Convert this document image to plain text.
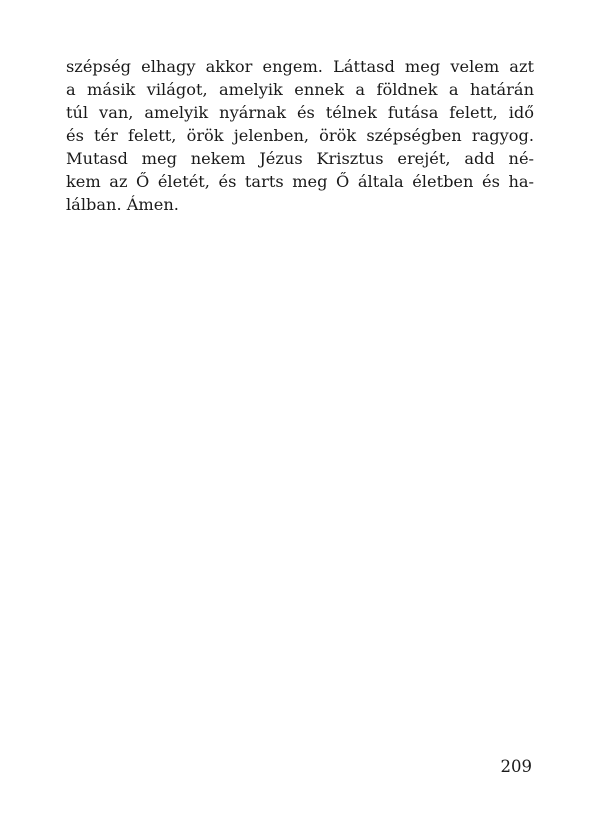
szépség elhagy akkor engem. Láttasd meg velem azt
a másik világot, amelyik ennek a földnek a határán
túl van, amelyik nyárnak és télnek futása felett, idő
és tér felett, örök jelenben, örök szépségben ragyog.
Mutasd meg nekem Jézus Krisztus erejét, add né-
kem az Ő életét, és tarts meg Ő általa életben és ha-
lálban. Ámen.
209
